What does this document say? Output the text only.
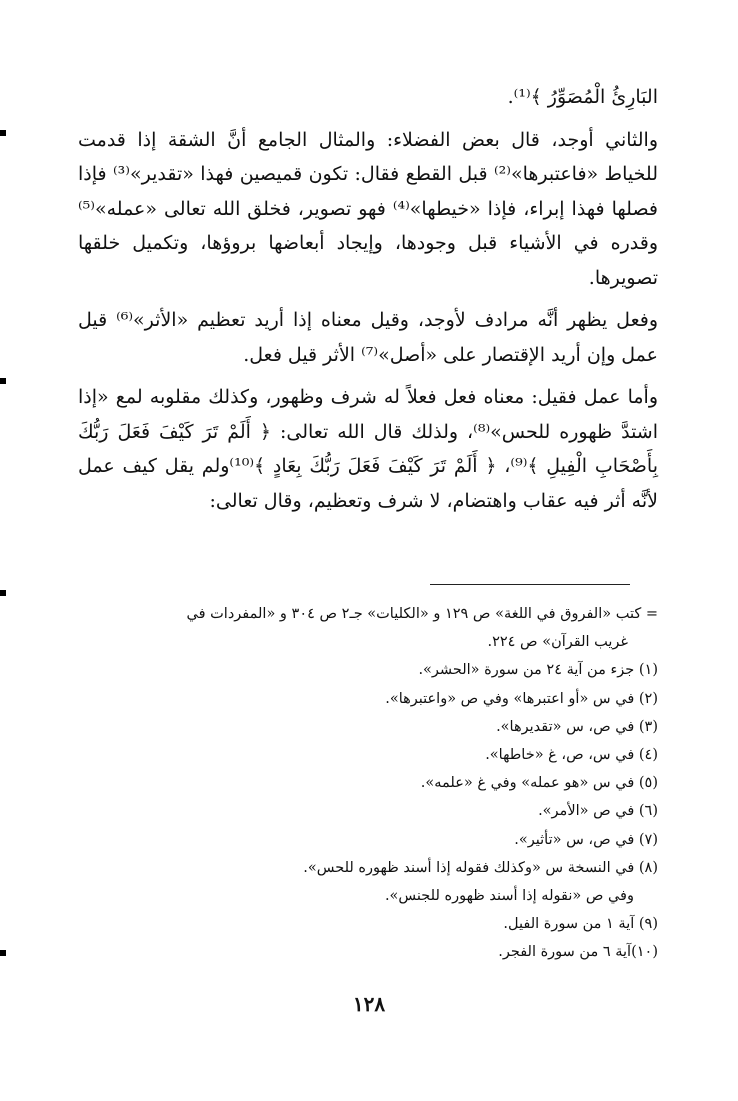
البَارِئُ الْمُصَوِّرُ ﴾⁽¹⁾.

والثاني أوجد، قال بعض الفضلاء: والمثال الجامع أنَّ الشقة إذا قدمت للخياط «فاعتبرها»⁽²⁾ قبل القطع فقال: تكون قميصين فهذا «تقدير»⁽³⁾ فإذا فصلها فهذا إبراء، فإذا «خيطها»⁽⁴⁾ فهو تصوير، فخلق الله تعالى «عمله»⁽⁵⁾ وقدره في الأشياء قبل وجودها، وإيجاد أبعاضها بروؤها، وتكميل خلقها تصويرها.

وفعل يظهر أنَّه مرادف لأوجد، وقيل معناه إذا أريد تعظيم «الأثر»⁽⁶⁾ قيل عمل وإن أريد الإقتصار على «أصل»⁽⁷⁾ الأثر قيل فعل.

وأما عمل فقيل: معناه فعل فعلاً له شرف وظهور، وكذلك مقلوبه لمع «إذا اشتدَّ ظهوره للحس»⁽⁸⁾، ولذلك قال الله تعالى: ﴿ أَلَمْ تَرَ كَيْفَ فَعَلَ رَبُّكَ بِأَصْحَابِ الْفِيلِ ﴾⁽⁹⁾، ﴿ أَلَمْ تَرَ كَيْفَ فَعَلَ رَبُّكَ بِعَادٍ ﴾⁽¹⁰⁾ولم يقل كيف عمل لأنَّه أثر فيه عقاب واهتضام، لا شرف وتعظيم، وقال تعالى:

= كتب «الفروق في اللغة» ص ١٢٩ و «الكليات» جـ٢ ص ٣٠٤ و «المفردات في
غريب القرآن» ص ٢٢٤.
(١) جزء من آية ٢٤ من سورة «الحشر».
(٢) في س «أو اعتبرها» وفي ص «واعتبرها».
(٣) في ص، س «تقديرها».
(٤) في س، ص، غ «خاطها».
(٥) في س «هو عمله» وفي غ «علمه».
(٦) في ص «الأمر».
(٧) في ص، س «تأثير».
(٨) في النسخة س «وكذلك فقوله إذا أسند ظهوره للحس».
وفي ص «نقوله إذا أسند ظهوره للجنس».
(٩) آية ١ من سورة الفيل.
(١٠)آية ٦ من سورة الفجر.
١٢٨
